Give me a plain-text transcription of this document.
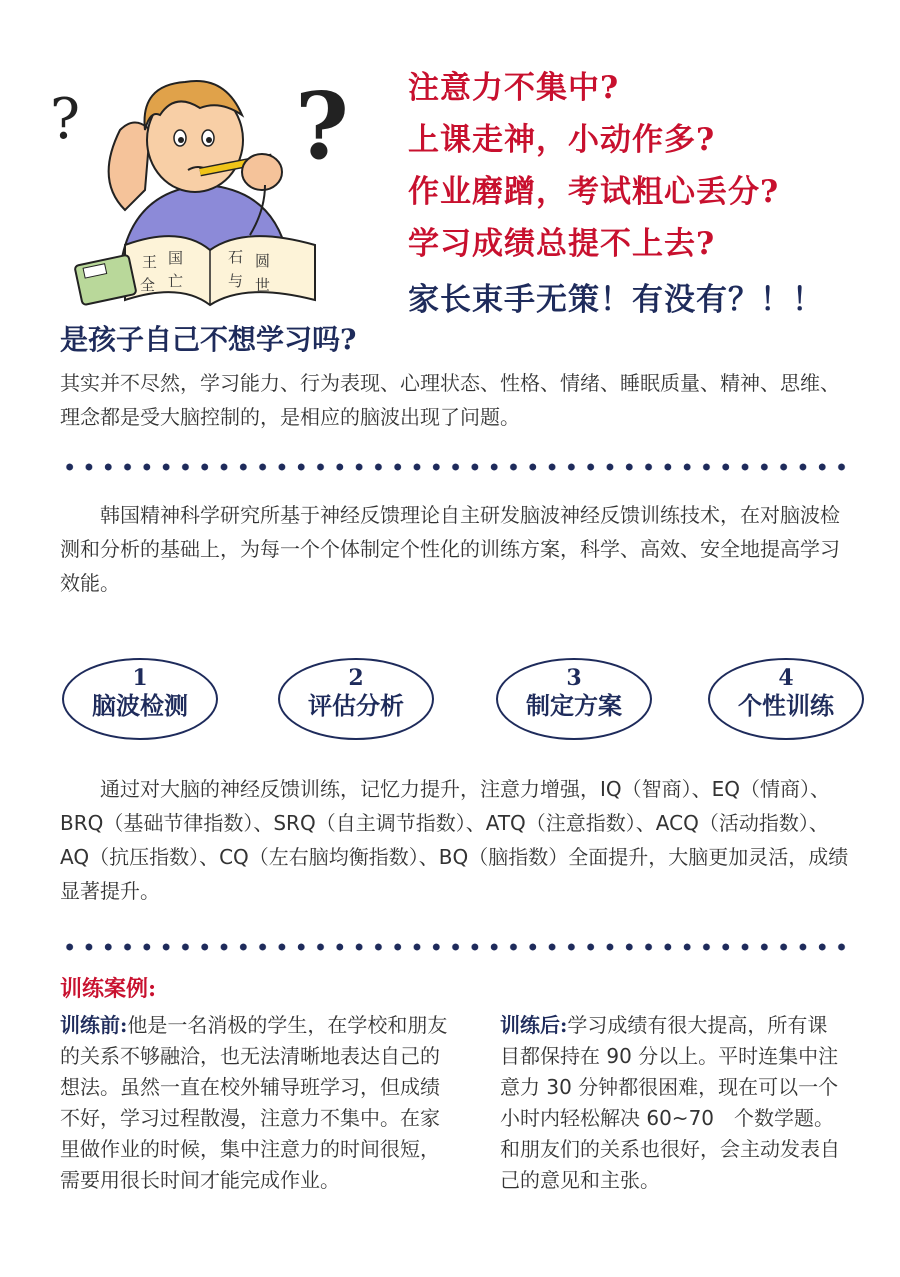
? ?
王 国
全 亡
石 圆
与 世

注意力不集中?

上课走神，小动作多?

作业磨蹭，考试粗心丢分?

学习成绩总提不上去?

家长束手无策！有没有？！！

是孩子自己不想学习吗?

其实并不尽然，学习能力、行为表现、心理状态、性格、情绪、睡眠质量、精神、思维、理念都是受大脑控制的，是相应的脑波出现了问题。

韩国精神科学研究所基于神经反馈理论自主研发脑波神经反馈训练技术，在对脑波检测和分析的基础上，为每一个个体制定个性化的训练方案，科学、高效、安全地提高学习效能。

1
脑波检测
2
评估分析
3
制定方案
4
个性训练

通过对大脑的神经反馈训练，记忆力提升，注意力增强，IQ（智商）、EQ（情商）、BRQ（基础节律指数）、SRQ（自主调节指数）、ATQ（注意指数）、ACQ（活动指数）、AQ（抗压指数）、CQ（左右脑均衡指数）、BQ（脑指数）全面提升，大脑更加灵活，成绩显著提升。

训练案例:

训练前:他是一名消极的学生，在学校和朋友的关系不够融洽，也无法清晰地表达自己的想法。虽然一直在校外辅导班学习，但成绩不好，学习过程散漫，注意力不集中。在家里做作业的时候，集中注意力的时间很短，需要用很长时间才能完成作业。

训练后:学习成绩有很大提高，所有课目都保持在 90 分以上。平时连集中注意力 30 分钟都很困难，现在可以一个小时内轻松解决 60~70　个数学题。和朋友们的关系也很好，会主动发表自己的意见和主张。
